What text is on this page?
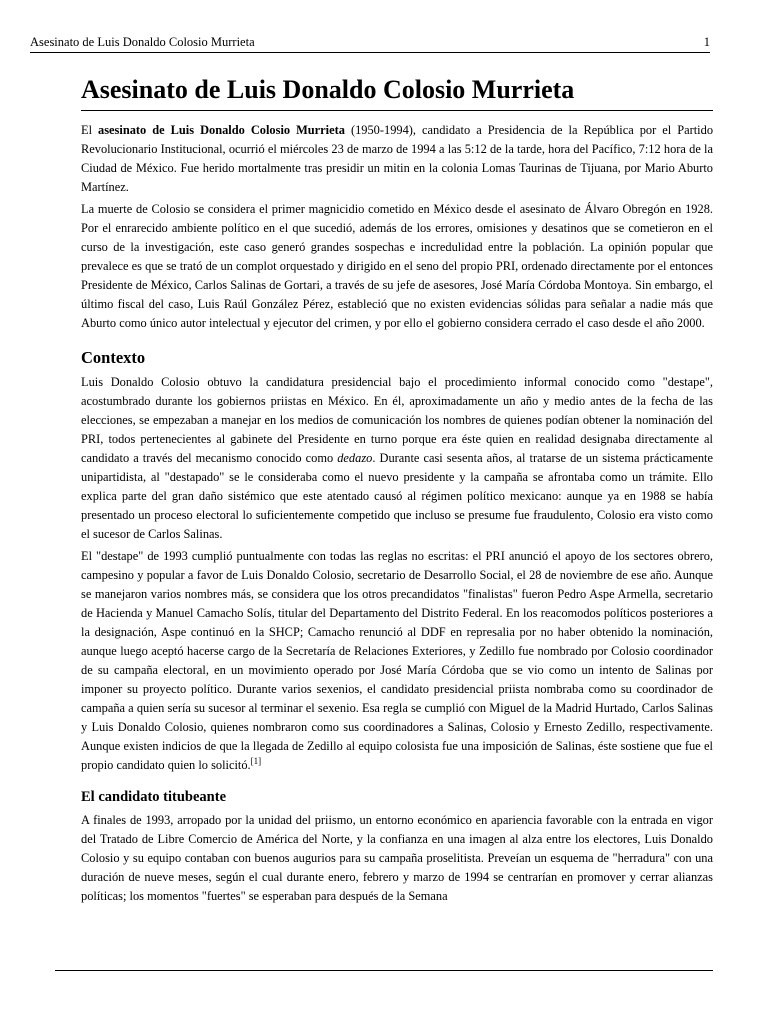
Asesinato de Luis Donaldo Colosio Murrieta	1
Asesinato de Luis Donaldo Colosio Murrieta

El asesinato de Luis Donaldo Colosio Murrieta (1950-1994), candidato a Presidencia de la República por el Partido Revolucionario Institucional, ocurrió el miércoles 23 de marzo de 1994 a las 5:12 de la tarde, hora del Pacífico, 7:12 hora de la Ciudad de México. Fue herido mortalmente tras presidir un mitin en la colonia Lomas Taurinas de Tijuana, por Mario Aburto Martínez.

La muerte de Colosio se considera el primer magnicidio cometido en México desde el asesinato de Álvaro Obregón en 1928. Por el enrarecido ambiente político en el que sucedió, además de los errores, omisiones y desatinos que se cometieron en el curso de la investigación, este caso generó grandes sospechas e incredulidad entre la población. La opinión popular que prevalece es que se trató de un complot orquestado y dirigido en el seno del propio PRI, ordenado directamente por el entonces Presidente de México, Carlos Salinas de Gortari, a través de su jefe de asesores, José María Córdoba Montoya. Sin embargo, el último fiscal del caso, Luis Raúl González Pérez, estableció que no existen evidencias sólidas para señalar a nadie más que Aburto como único autor intelectual y ejecutor del crimen, y por ello el gobierno considera cerrado el caso desde el año 2000.

Contexto

Luis Donaldo Colosio obtuvo la candidatura presidencial bajo el procedimiento informal conocido como "destape", acostumbrado durante los gobiernos priistas en México. En él, aproximadamente un año y medio antes de la fecha de las elecciones, se empezaban a manejar en los medios de comunicación los nombres de quienes podían obtener la nominación del PRI, todos pertenecientes al gabinete del Presidente en turno porque era éste quien en realidad designaba directamente al candidato a través del mecanismo conocido como dedazo. Durante casi sesenta años, al tratarse de un sistema prácticamente unipartidista, al "destapado" se le consideraba como el nuevo presidente y la campaña se afrontaba como un trámite. Ello explica parte del gran daño sistémico que este atentado causó al régimen político mexicano: aunque ya en 1988 se había presentado un proceso electoral lo suficientemente competido que incluso se presume fue fraudulento, Colosio era visto como el sucesor de Carlos Salinas.

El "destape" de 1993 cumplió puntualmente con todas las reglas no escritas: el PRI anunció el apoyo de los sectores obrero, campesino y popular a favor de Luis Donaldo Colosio, secretario de Desarrollo Social, el 28 de noviembre de ese año. Aunque se manejaron varios nombres más, se considera que los otros precandidatos "finalistas" fueron Pedro Aspe Armella, secretario de Hacienda y Manuel Camacho Solís, titular del Departamento del Distrito Federal. En los reacomodos políticos posteriores a la designación, Aspe continuó en la SHCP; Camacho renunció al DDF en represalia por no haber obtenido la nominación, aunque luego aceptó hacerse cargo de la Secretaría de Relaciones Exteriores, y Zedillo fue nombrado por Colosio coordinador de su campaña electoral, en un movimiento operado por José María Córdoba que se vio como un intento de Salinas por imponer su proyecto político. Durante varios sexenios, el candidato presidencial priista nombraba como su coordinador de campaña a quien sería su sucesor al terminar el sexenio. Esa regla se cumplió con Miguel de la Madrid Hurtado, Carlos Salinas y Luis Donaldo Colosio, quienes nombraron como sus coordinadores a Salinas, Colosio y Ernesto Zedillo, respectivamente. Aunque existen indicios de que la llegada de Zedillo al equipo colosista fue una imposición de Salinas, éste sostiene que fue el propio candidato quien lo solicitó.[1]

El candidato titubeante

A finales de 1993, arropado por la unidad del priismo, un entorno económico en apariencia favorable con la entrada en vigor del Tratado de Libre Comercio de América del Norte, y la confianza en una imagen al alza entre los electores, Luis Donaldo Colosio y su equipo contaban con buenos augurios para su campaña proselitista. Preveían un esquema de "herradura" con una duración de nueve meses, según el cual durante enero, febrero y marzo de 1994 se centrarían en promover y cerrar alianzas políticas; los momentos "fuertes" se esperaban para después de la Semana
